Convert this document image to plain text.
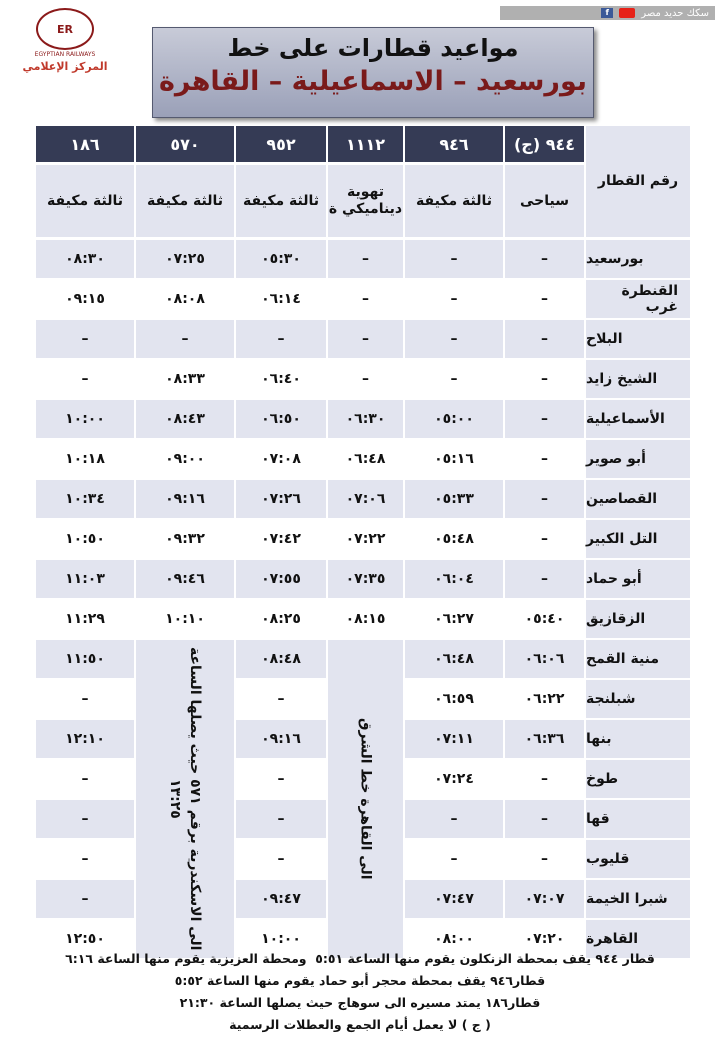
f	سكك حديد مصر
ER
EGYPTIAN RAILWAYS
المركز الإعلامي
مواعيد قطارات على خط
بورسعيد – الاسماعيلية – القاهرة
رقم القطار
٩٤٤ (ج)
سياحى
٩٤٦
ثالثة مكيفة
١١١٢
تهوية ديناميكي ة
٩٥٢
ثالثة مكيفة
٥٧٠
ثالثة مكيفة
١٨٦
ثالثة مكيفة
بورسعيد
–
–
–
٠٥:٣٠
٠٧:٢٥
٠٨:٣٠
القنطرة غرب
–
–
–
٠٦:١٤
٠٨:٠٨
٠٩:١٥
البلاح
–
–
–
–
–
–
الشيخ زايد
–
–
–
٠٦:٤٠
٠٨:٣٣
–
الأسماعيلية
–
٠٥:٠٠
٠٦:٣٠
٠٦:٥٠
٠٨:٤٣
١٠:٠٠
أبو صوير
–
٠٥:١٦
٠٦:٤٨
٠٧:٠٨
٠٩:٠٠
١٠:١٨
القصاصين
–
٠٥:٣٣
٠٧:٠٦
٠٧:٢٦
٠٩:١٦
١٠:٣٤
التل الكبير
–
٠٥:٤٨
٠٧:٢٢
٠٧:٤٢
٠٩:٣٢
١٠:٥٠
أبو حماد
–
٠٦:٠٤
٠٧:٣٥
٠٧:٥٥
٠٩:٤٦
١١:٠٣
الزقازيق
٠٥:٤٠
٠٦:٢٧
٠٨:١٥
٠٨:٢٥
١٠:١٠
١١:٢٩
منية القمح
٠٦:٠٦
٠٦:٤٨
٠٨:٤٨
١١:٥٠
شبلنجة
٠٦:٢٢
٠٦:٥٩
–
–
بنها
٠٦:٣٦
٠٧:١١
٠٩:١٦
١٢:١٠
طوخ
–
٠٧:٢٤
–
–
قها
–
–
–
–
قليوب
–
–
–
–
شبرا الخيمة
٠٧:٠٧
٠٧:٤٧
٠٩:٤٧
–
القاهرة
٠٧:٢٠
٠٨:٠٠
١٠:٠٠
١٢:٥٠
الى القاهرة خط الشرق
الى الاسكندرية برقم ٥٧١ حيث يصلها الساعة ١٣:٢٥
قطار ٩٤٤ يقف بمحطة الزنكلون يقوم منها الساعة ٥:٥١ ‌ ومحطة العزيزية يقوم منها الساعة ٦:١٦
قطار٩٤٦ يقف بمحطة محجر أبو حماد يقوم منها الساعة ٥:٥٢
قطار١٨٦ يمتد مسيره الى سوهاج حيث يصلها الساعة ٢١:٣٠
( ج ) لا يعمل أيام الجمع والعطلات الرسمية
